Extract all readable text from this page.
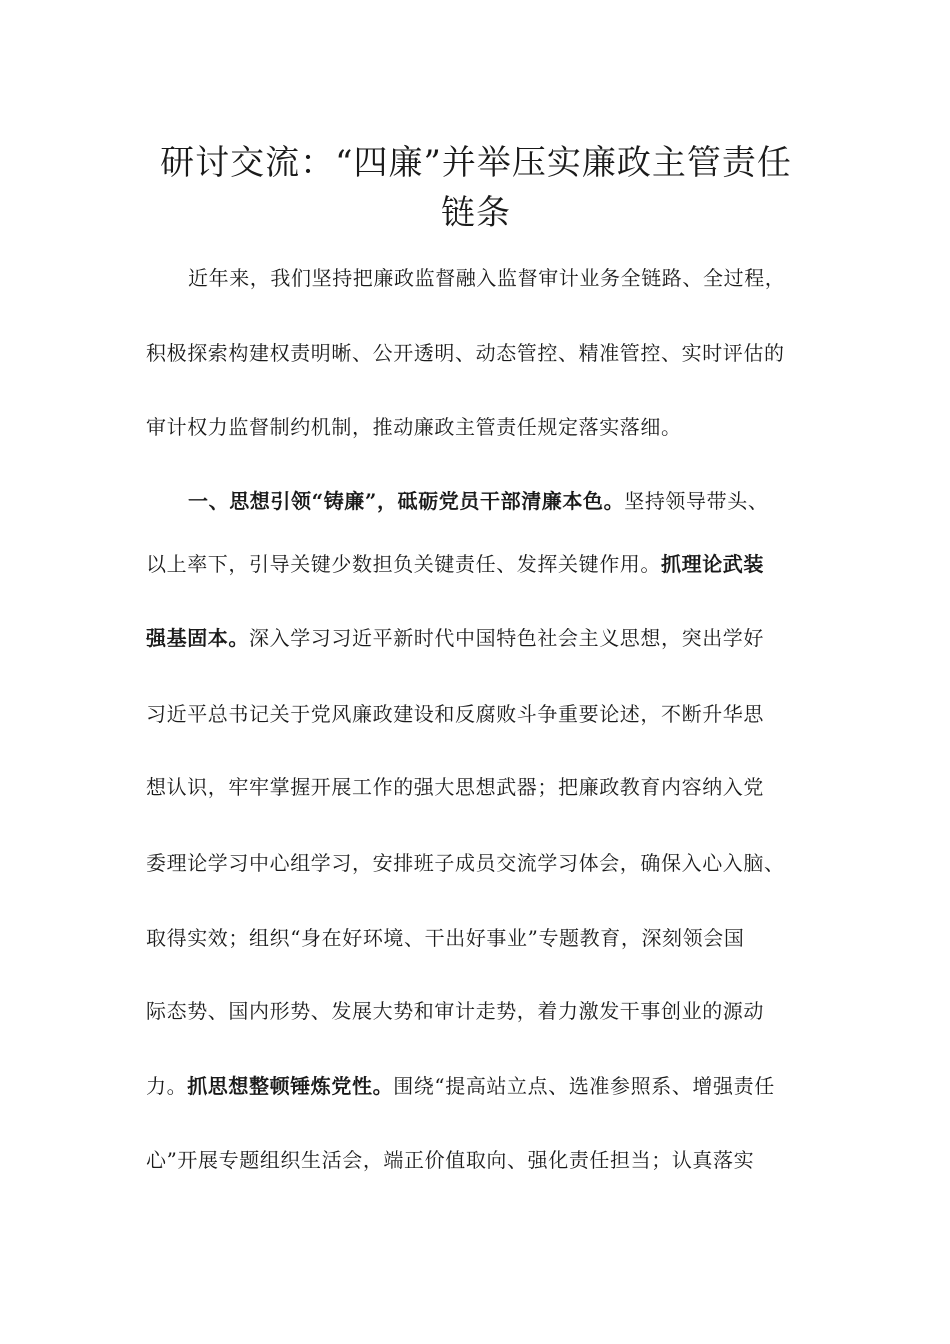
研讨交流：“四廉”并举压实廉政主管责任链条

近年来，我们坚持把廉政监督融入监督审计业务全链路、全过程，

积极探索构建权责明晰、公开透明、动态管控、精准管控、实时评估的

审计权力监督制约机制，推动廉政主管责任规定落实落细。

一、思想引领“铸廉”，砥砺党员干部清廉本色。坚持领导带头、

以上率下，引导关键少数担负关键责任、发挥关键作用。抓理论武装

强基固本。深入学习习近平新时代中国特色社会主义思想，突出学好

习近平总书记关于党风廉政建设和反腐败斗争重要论述，不断升华思

想认识，牢牢掌握开展工作的强大思想武器；把廉政教育内容纳入党

委理论学习中心组学习，安排班子成员交流学习体会，确保入心入脑、

取得实效；组织“身在好环境、干出好事业”专题教育，深刻领会国

际态势、国内形势、发展大势和审计走势，着力激发干事创业的源动

力。抓思想整顿锤炼党性。围绕“提高站立点、选准参照系、增强责任

心”开展专题组织生活会，端正价值取向、强化责任担当；认真落实
